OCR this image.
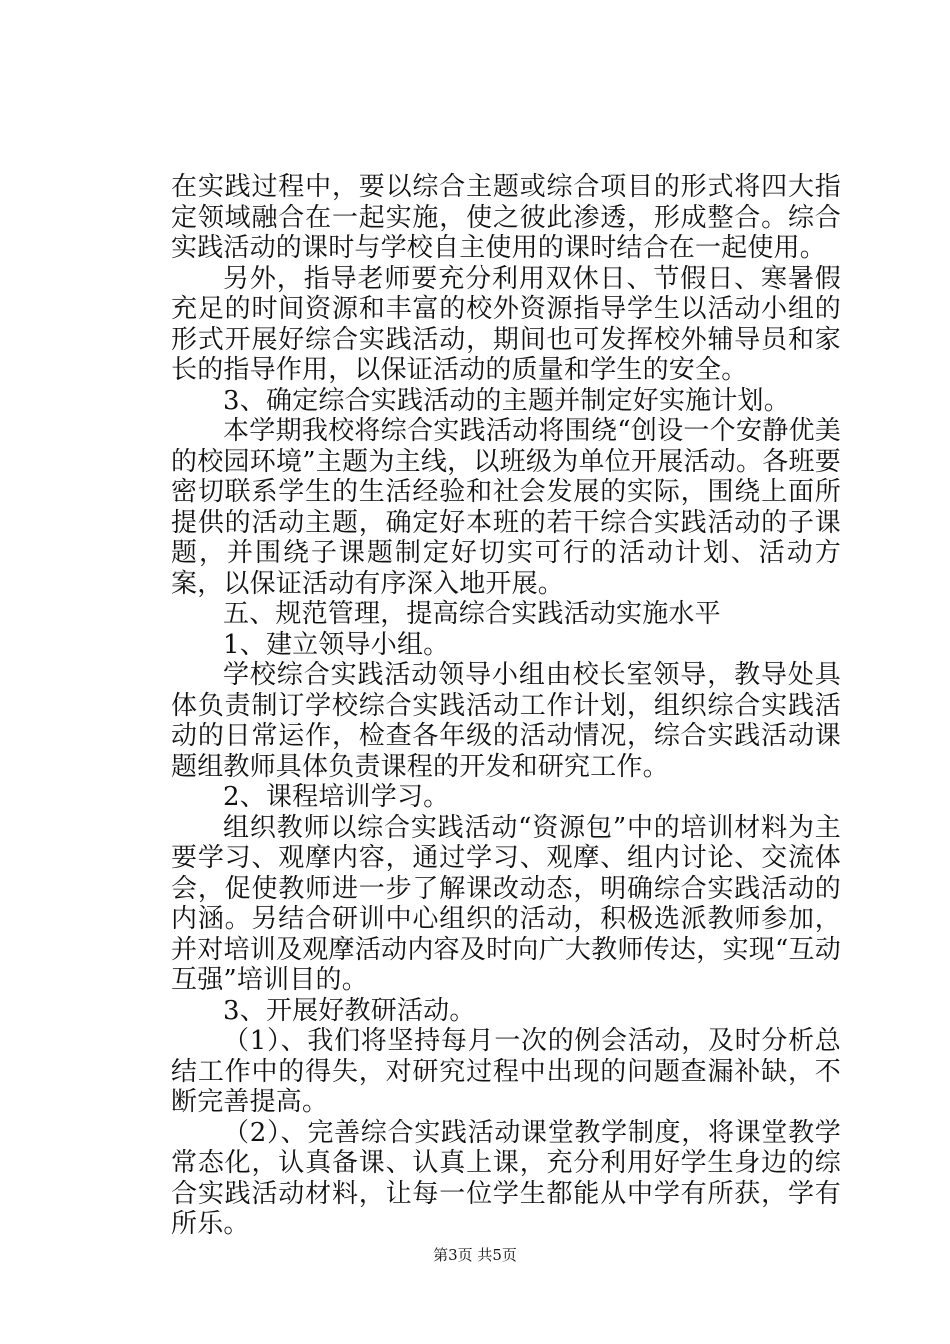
在实践过程中，要以综合主题或综合项目的形式将四大指定领域融合在一起实施，使之彼此渗透，形成整合。综合实践活动的课时与学校自主使用的课时结合在一起使用。

另外，指导老师要充分利用双休日、节假日、寒暑假充足的时间资源和丰富的校外资源指导学生以活动小组的形式开展好综合实践活动，期间也可发挥校外辅导员和家长的指导作用，以保证活动的质量和学生的安全。

3、确定综合实践活动的主题并制定好实施计划。

本学期我校将综合实践活动将围绕“创设一个安静优美的校园环境”主题为主线，以班级为单位开展活动。各班要密切联系学生的生活经验和社会发展的实际，围绕上面所提供的活动主题，确定好本班的若干综合实践活动的子课题，并围绕子课题制定好切实可行的活动计划、活动方案，以保证活动有序深入地开展。

五、规范管理，提高综合实践活动实施水平

1、建立领导小组。

学校综合实践活动领导小组由校长室领导，教导处具体负责制订学校综合实践活动工作计划，组织综合实践活动的日常运作，检查各年级的活动情况，综合实践活动课题组教师具体负责课程的开发和研究工作。

2、课程培训学习。

组织教师以综合实践活动“资源包”中的培训材料为主要学习、观摩内容，通过学习、观摩、组内讨论、交流体会，促使教师进一步了解课改动态，明确综合实践活动的内涵。另结合研训中心组织的活动，积极选派教师参加，并对培训及观摩活动内容及时向广大教师传达，实现“互动互强”培训目的。

3、开展好教研活动。

（1）、我们将坚持每月一次的例会活动，及时分析总结工作中的得失，对研究过程中出现的问题查漏补缺，不断完善提高。

（2）、完善综合实践活动课堂教学制度，将课堂教学常态化，认真备课、认真上课，充分利用好学生身边的综合实践活动材料，让每一位学生都能从中学有所获，学有所乐。

第3页 共5页
